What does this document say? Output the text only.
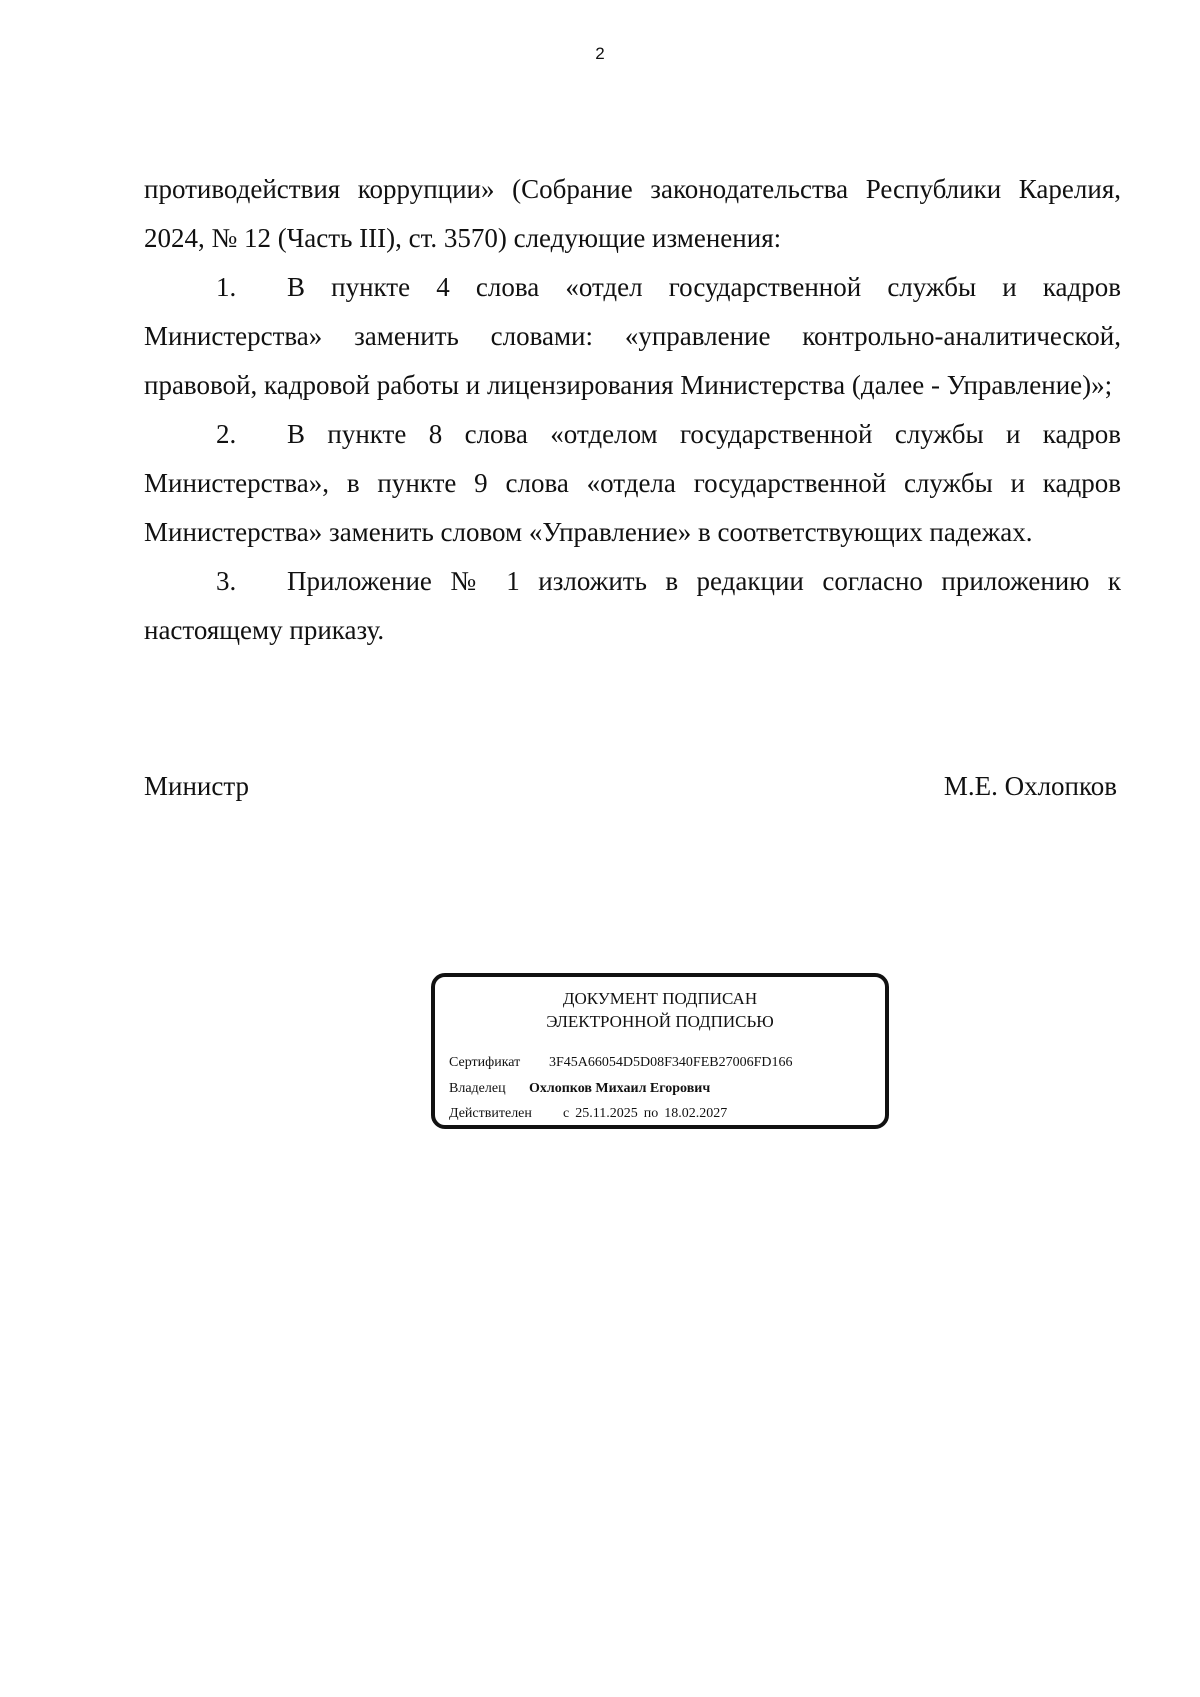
2

противодействия коррупции» (Собрание законодательства Республики Карелия, 2024, № 12 (Часть III), ст. 3570) следующие изменения:

1. В пункте 4 слова «отдел государственной службы и кадров Министерства» заменить словами: «управление контрольно-аналитической, правовой, кадровой работы и лицензирования Министерства (далее - Управление)»;

2. В пункте 8 слова «отделом государственной службы и кадров Министерства», в пункте 9 слова «отдела государственной службы и кадров Министерства» заменить словом «Управление» в соответствующих падежах.

3. Приложение № 1 изложить в редакции согласно приложению к настоящему приказу.

Министр	М.Е. Охлопков
ДОКУМЕНТ ПОДПИСАН
ЭЛЕКТРОННОЙ ПОДПИСЬЮ
Сертификат 3F45A66054D5D08F340FEB27006FD166
Владелец Охлопков Михаил Егорович
Действителен с 25.11.2025 по 18.02.2027
